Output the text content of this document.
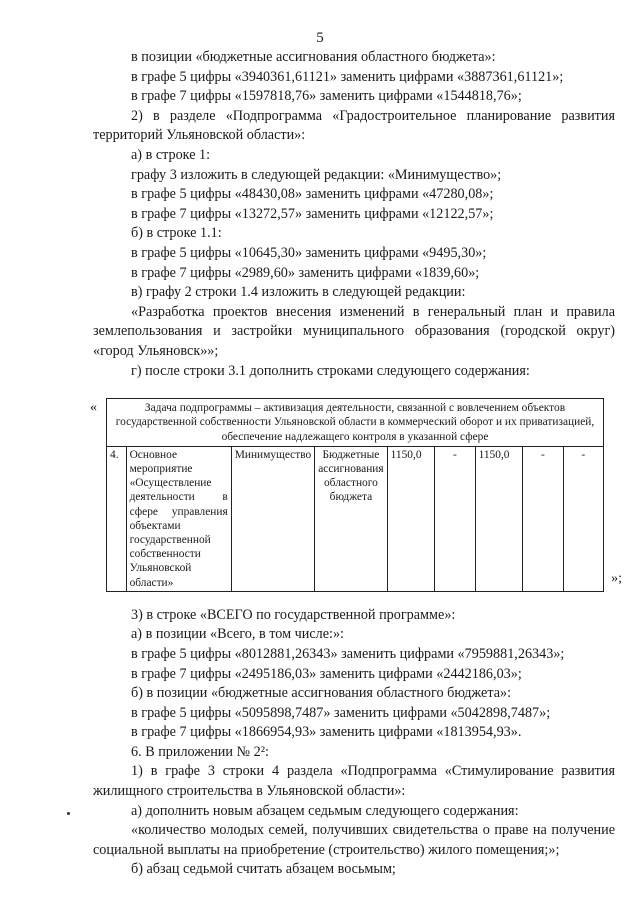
5

в позиции «бюджетные ассигнования областного бюджета»:

в графе 5 цифры «3940361,61121» заменить цифрами «3887361,61121»;

в графе 7 цифры «1597818,76» заменить цифрами «1544818,76»;

2) в разделе «Подпрограмма «Градостроительное планирование развития территорий Ульяновской области»:

а) в строке 1:

графу 3 изложить в следующей редакции: «Минимущество»;

в графе 5 цифры «48430,08» заменить цифрами «47280,08»;

в графе 7 цифры «13272,57» заменить цифрами «12122,57»;

б) в строке 1.1:

в графе 5 цифры «10645,30» заменить цифрами «9495,30»;

в графе 7 цифры «2989,60» заменить цифрами «1839,60»;

в) графу 2 строки 1.4 изложить в следующей редакции:

«Разработка проектов внесения изменений в генеральный план и правила землепользования и застройки муниципального образования (городской округ) «город Ульяновск»»;

г) после строки 3.1 дополнить строками следующего содержания:

«	Задача подпрограммы – активизация деятельности, связанной с вовлечением объектов государственной собственности Ульяновской области в коммерческий оборот и их приватизацией, обеспечение надлежащего контроля в указанной сфере
4.	Основное мероприятие «Осуществление деятельности в сфере управления объектами государственной собственности Ульяновской области»	Минимущество	Бюджетные ассигнования областного бюджета	1150,0	-	1150,0	-	-
»;

3) в строке «ВСЕГО по государственной программе»:

а) в позиции «Всего, в том числе:»:

в графе 5 цифры «8012881,26343» заменить цифрами «7959881,26343»;

в графе 7 цифры «2495186,03» заменить цифрами «2442186,03»;

б) в позиции «бюджетные ассигнования областного бюджета»:

в графе 5 цифры «5095898,7487» заменить цифрами «5042898,7487»;

в графе 7 цифры «1866954,93» заменить цифрами «1813954,93».

6. В приложении № 2²:

1) в графе 3 строки 4 раздела «Подпрограмма «Стимулирование развития жилищного строительства в Ульяновской области»:

а) дополнить новым абзацем седьмым следующего содержания:

«количество молодых семей, получивших свидетельства о праве на получение социальной выплаты на приобретение (строительство) жилого помещения;»;

б) абзац седьмой считать абзацем восьмым;
